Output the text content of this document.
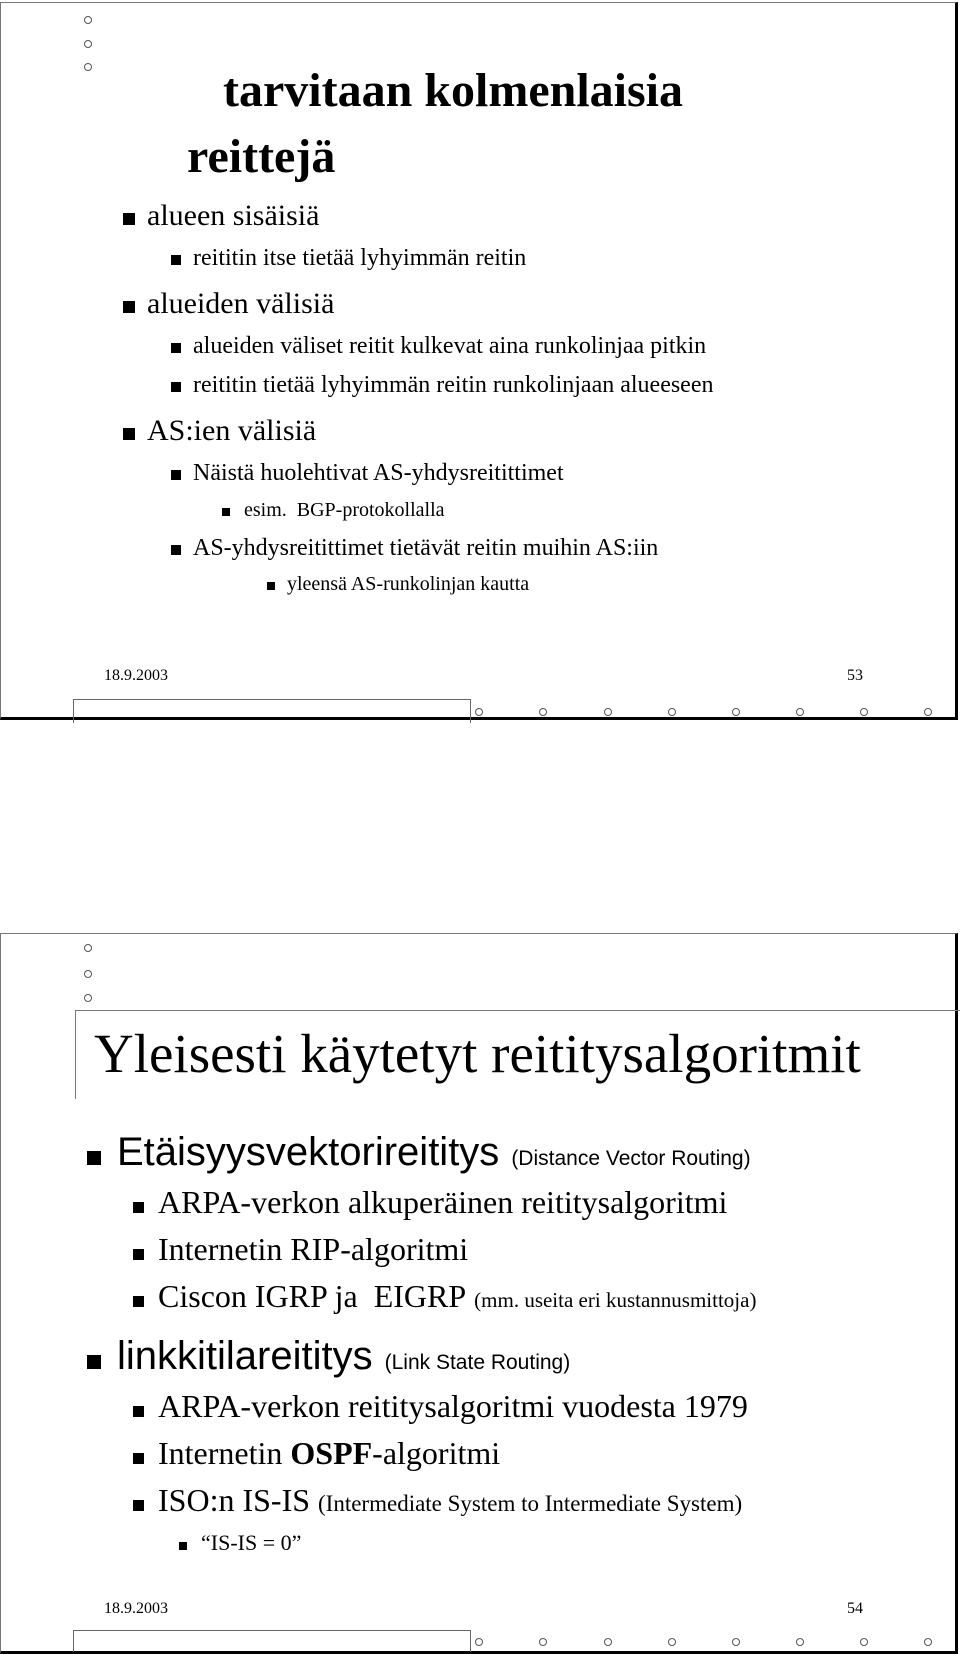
tarvitaan kolmenlaisia
reittejä
alueen sisäisiä
reititin itse tietää lyhyimmän reitin
alueiden välisiä
alueiden väliset reitit kulkevat aina runkolinjaa pitkin
reititin tietää lyhyimmän reitin runkolinjaan alueeseen
AS:ien välisiä
Näistä huolehtivat AS-yhdysreitittimet
esim.  BGP-protokollalla
AS-yhdysreitittimet tietävät reitin muihin AS:iin
yleensä AS-runkolinjan kautta
18.9.2003	53
Yleisesti käytetyt reititysalgoritmit
Etäisyysvektorireititys (Distance Vector Routing)
ARPA-verkon alkuperäinen reititysalgoritmi
Internetin RIP-algoritmi
Ciscon IGRP ja  EIGRP (mm. useita eri kustannusmittoja)
linkkitilareititys (Link State Routing)
ARPA-verkon reititysalgoritmi vuodesta 1979
Internetin OSPF -algoritmi
ISO:n IS-IS (Intermediate System to Intermediate System)
“IS-IS = 0”
18.9.2003	54
